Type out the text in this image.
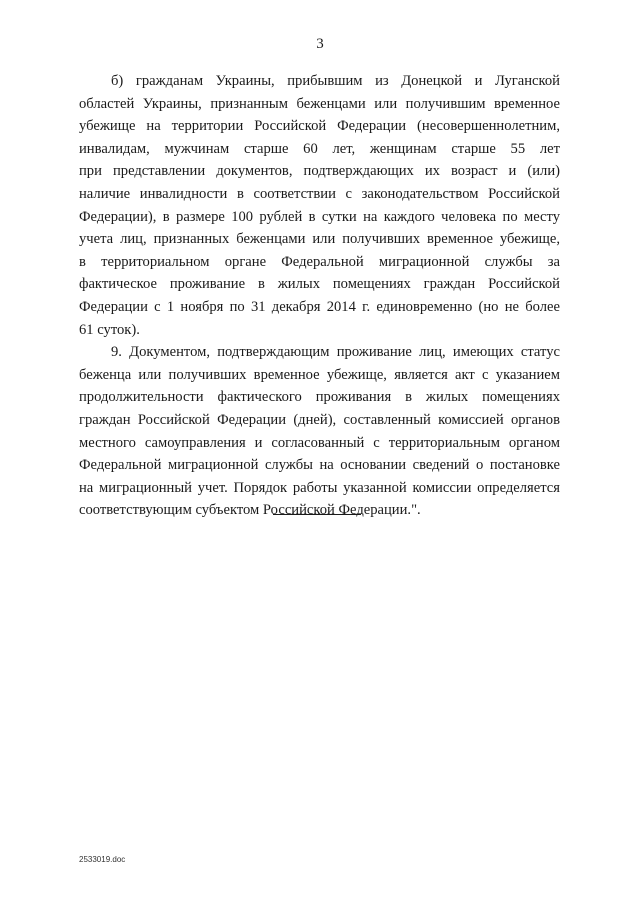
3
б) гражданам Украины, прибывшим из Донецкой и Луганской
областей Украины, признанным беженцами или получившим временное
убежище на территории Российской Федерации (несовершеннолетним,
инвалидам, мужчинам старше 60 лет, женщинам старше 55 лет
при представлении документов, подтверждающих их возраст и (или)
наличие инвалидности в соответствии с законодательством Российской
Федерации), в размере 100 рублей в сутки на каждого человека по месту
учета лиц, признанных беженцами или получивших временное убежище,
в территориальном органе Федеральной миграционной службы за
фактическое проживание в жилых помещениях граждан Российской
Федерации с 1 ноября по 31 декабря 2014 г. единовременно (но не более
61 суток).
9. Документом, подтверждающим проживание лиц, имеющих статус
беженца или получивших временное убежище, является акт с указанием
продолжительности фактического проживания в жилых помещениях
граждан Российской Федерации (дней), составленный комиссией органов
местного самоуправления и согласованный с территориальным органом
Федеральной миграционной службы на основании сведений о постановке
на миграционный учет. Порядок работы указанной комиссии определяется
соответствующим субъектом Российской Федерации.".
2533019.doc
